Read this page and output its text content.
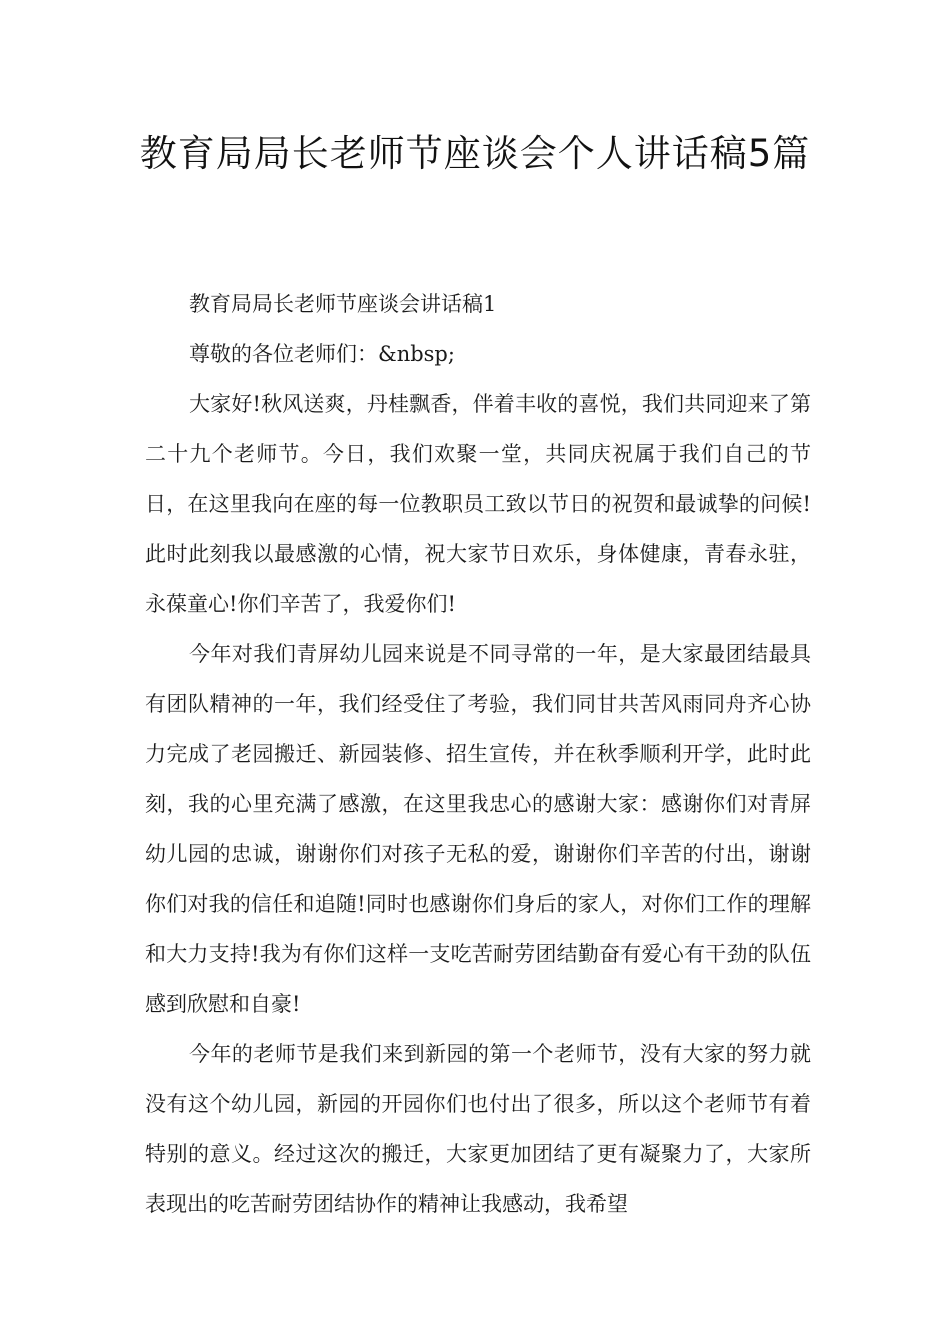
教育局局长老师节座谈会个人讲话稿5篇

教育局局长老师节座谈会讲话稿1

尊敬的各位老师们：&nbsp;

大家好!秋风送爽，丹桂飘香，伴着丰收的喜悦，我们共同迎来了第二十九个老师节。今日，我们欢聚一堂，共同庆祝属于我们自己的节日，在这里我向在座的每一位教职员工致以节日的祝贺和最诚挚的问候!此时此刻我以最感激的心情，祝大家节日欢乐，身体健康，青春永驻，永葆童心!你们辛苦了，我爱你们!

今年对我们青屏幼儿园来说是不同寻常的一年，是大家最团结最具有团队精神的一年，我们经受住了考验，我们同甘共苦风雨同舟齐心协力完成了老园搬迁、新园装修、招生宣传，并在秋季顺利开学，此时此刻，我的心里充满了感激，在这里我忠心的感谢大家：感谢你们对青屏幼儿园的忠诚，谢谢你们对孩子无私的爱，谢谢你们辛苦的付出，谢谢你们对我的信任和追随!同时也感谢你们身后的家人，对你们工作的理解和大力支持!我为有你们这样一支吃苦耐劳团结勤奋有爱心有干劲的队伍感到欣慰和自豪!

今年的老师节是我们来到新园的第一个老师节，没有大家的努力就没有这个幼儿园，新园的开园你们也付出了很多，所以这个老师节有着特别的意义。经过这次的搬迁，大家更加团结了更有凝聚力了，大家所表现出的吃苦耐劳团结协作的精神让我感动，我希望
